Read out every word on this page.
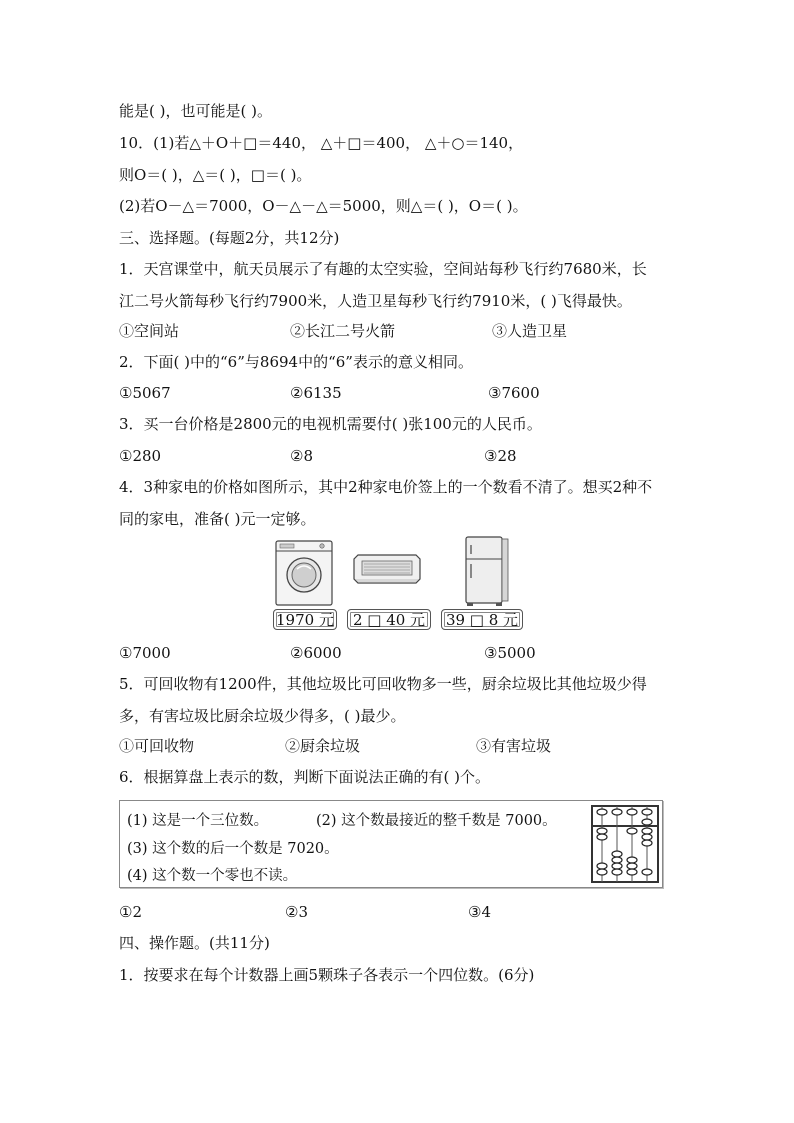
能是( )，也可能是( )。
10．(1)若△＋O＋□＝440， △＋□＝400， △＋○＝140，
则O＝( )，△＝( )，□＝( )。
(2)若O－△＝7000，O－△－△＝5000，则△＝( )，O＝( )。
三、选择题。(每题2分，共12分)
1．天宫课堂中，航天员展示了有趣的太空实验，空间站每秒飞行约7680米，长
江二号火箭每秒飞行约7900米，人造卫星每秒飞行约7910米，( )飞得最快。
①空间站	②长江二号火箭	③人造卫星
2．下面( )中的“6”与8694中的“6”表示的意义相同。
①5067	②6135	③7600
3．买一台价格是2800元的电视机需要付( )张100元的人民币。
①280	②8	③28
4．3种家电的价格如图所示，其中2种家电价签上的一个数看不清了。想买2种不
同的家电，准备( )元一定够。
1970 元	2 □ 40 元	39 □ 8 元
①7000	②6000	③5000
5．可回收物有1200件，其他垃圾比可回收物多一些，厨余垃圾比其他垃圾少得
多，有害垃圾比厨余垃圾少得多，( )最少。
①可回收物	②厨余垃圾	③有害垃圾
6．根据算盘上表示的数，判断下面说法正确的有( )个。
(1) 这是一个三位数。	(2) 这个数最接近的整千数是 7000。
(3) 这个数的后一个数是 7020。
(4) 这个数一个零也不读。
①2	②3	③4
四、操作题。(共11分)
1．按要求在每个计数器上画5颗珠子各表示一个四位数。(6分)
